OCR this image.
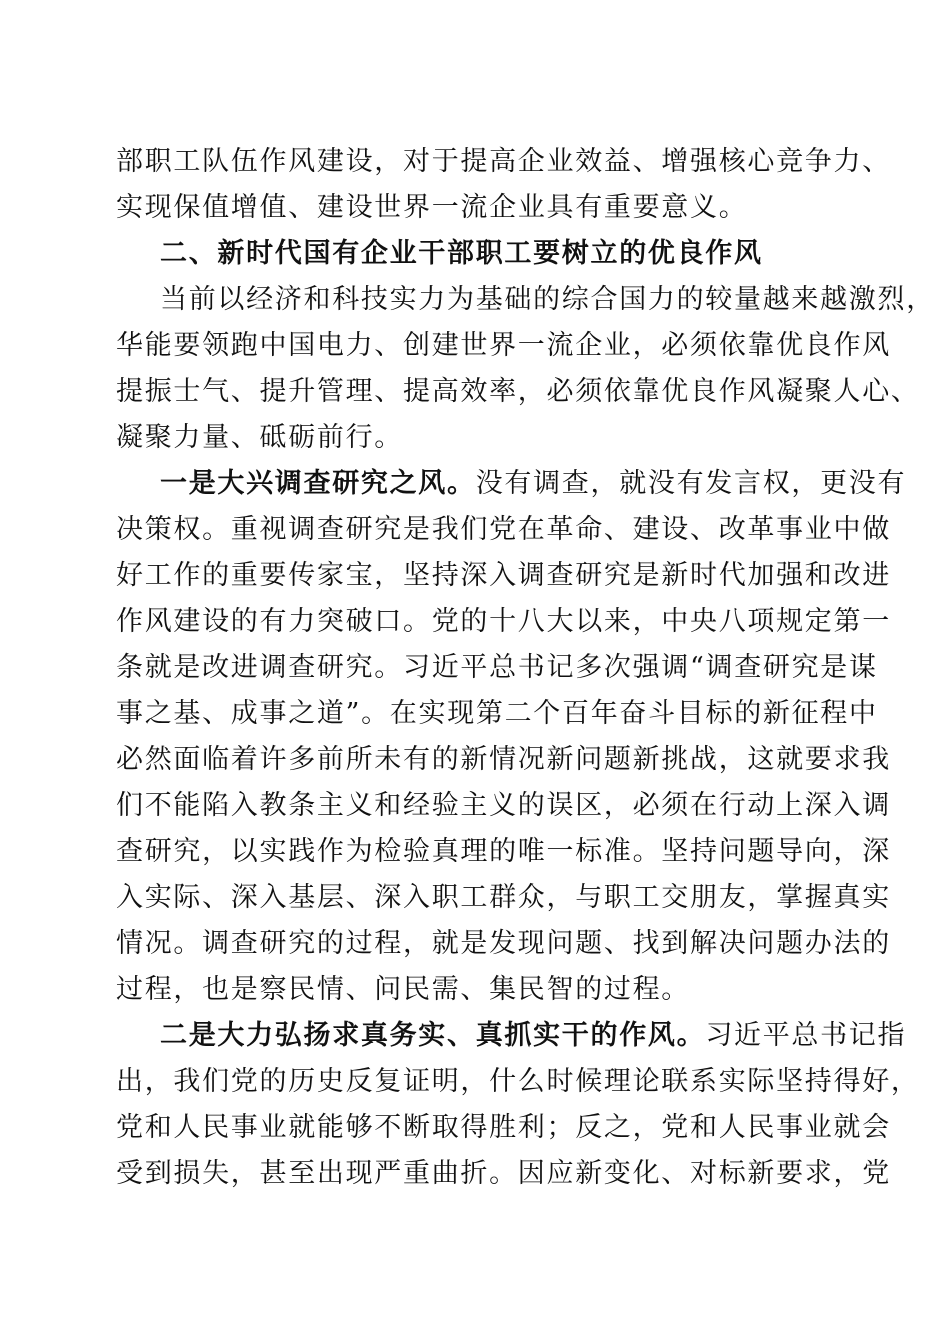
部职工队伍作风建设，对于提高企业效益、增强核心竞争力、
实现保值增值、建设世界一流企业具有重要意义。
二、新时代国有企业干部职工要树立的优良作风
当前以经济和科技实力为基础的综合国力的较量越来越激烈，
华能要领跑中国电力、创建世界一流企业，必须依靠优良作风
提振士气、提升管理、提高效率，必须依靠优良作风凝聚人心、
凝聚力量、砥砺前行。
一是大兴调查研究之风。没有调查，就没有发言权，更没有
决策权。重视调查研究是我们党在革命、建设、改革事业中做
好工作的重要传家宝，坚持深入调查研究是新时代加强和改进
作风建设的有力突破口。党的十八大以来，中央八项规定第一
条就是改进调查研究。习近平总书记多次强调“调查研究是谋
事之基、成事之道”。在实现第二个百年奋斗目标的新征程中
必然面临着许多前所未有的新情况新问题新挑战，这就要求我
们不能陷入教条主义和经验主义的误区，必须在行动上深入调
查研究，以实践作为检验真理的唯一标准。坚持问题导向，深
入实际、深入基层、深入职工群众，与职工交朋友，掌握真实
情况。调查研究的过程，就是发现问题、找到解决问题办法的
过程，也是察民情、问民需、集民智的过程。
二是大力弘扬求真务实、真抓实干的作风。习近平总书记指
出，我们党的历史反复证明，什么时候理论联系实际坚持得好，
党和人民事业就能够不断取得胜利；反之，党和人民事业就会
受到损失，甚至出现严重曲折。因应新变化、对标新要求，党
